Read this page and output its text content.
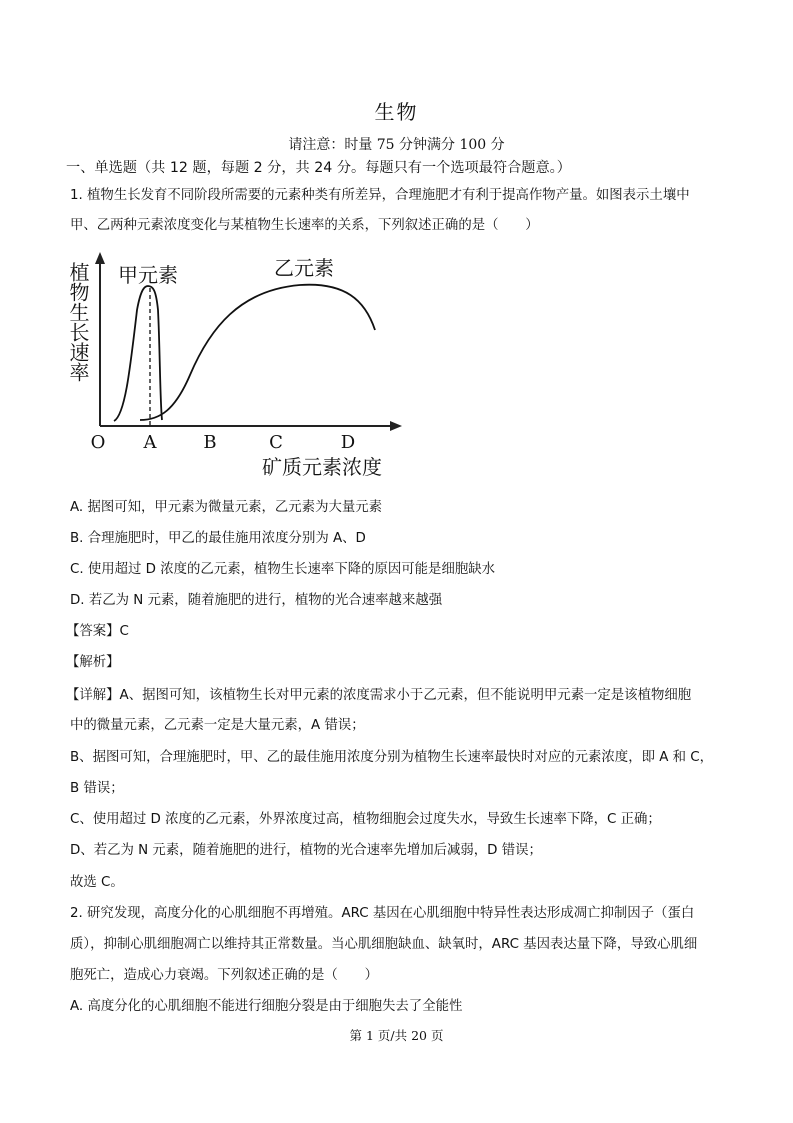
生物
请注意：时量 75 分钟满分 100 分
一、单选题（共 12 题，每题 2 分，共 24 分。每题只有一个选项最符合题意。）
1. 植物生长发育不同阶段所需要的元素种类有所差异，合理施肥才有利于提高作物产量。如图表示土壤中
甲、乙两种元素浓度变化与某植物生长速率的关系，下列叙述正确的是（　　）
植物生长速率 甲元素	乙元素
O A	B	C	D
矿质元素浓度
A. 据图可知，甲元素为微量元素，乙元素为大量元素
B. 合理施肥时，甲乙的最佳施用浓度分别为 A、D
C. 使用超过 D 浓度的乙元素，植物生长速率下降的原因可能是细胞缺水
D. 若乙为 N 元素，随着施肥的进行，植物的光合速率越来越强
【答案】C
【解析】
【详解】A、据图可知，该植物生长对甲元素的浓度需求小于乙元素，但不能说明甲元素一定是该植物细胞
中的微量元素，乙元素一定是大量元素，A 错误；
B、据图可知，合理施肥时，甲、乙的最佳施用浓度分别为植物生长速率最快时对应的元素浓度，即 A 和 C，
B 错误；
C、使用超过 D 浓度的乙元素，外界浓度过高，植物细胞会过度失水，导致生长速率下降，C 正确；
D、若乙为 N 元素，随着施肥的进行，植物的光合速率先增加后减弱，D 错误；
故选 C。
2. 研究发现，高度分化的心肌细胞不再增殖。ARC 基因在心肌细胞中特异性表达形成凋亡抑制因子（蛋白
质），抑制心肌细胞凋亡以维持其正常数量。当心肌细胞缺血、缺氧时，ARC 基因表达量下降，导致心肌细
胞死亡，造成心力衰竭。下列叙述正确的是（　　）
A. 高度分化的心肌细胞不能进行细胞分裂是由于细胞失去了全能性
第 1 页/共 20 页
